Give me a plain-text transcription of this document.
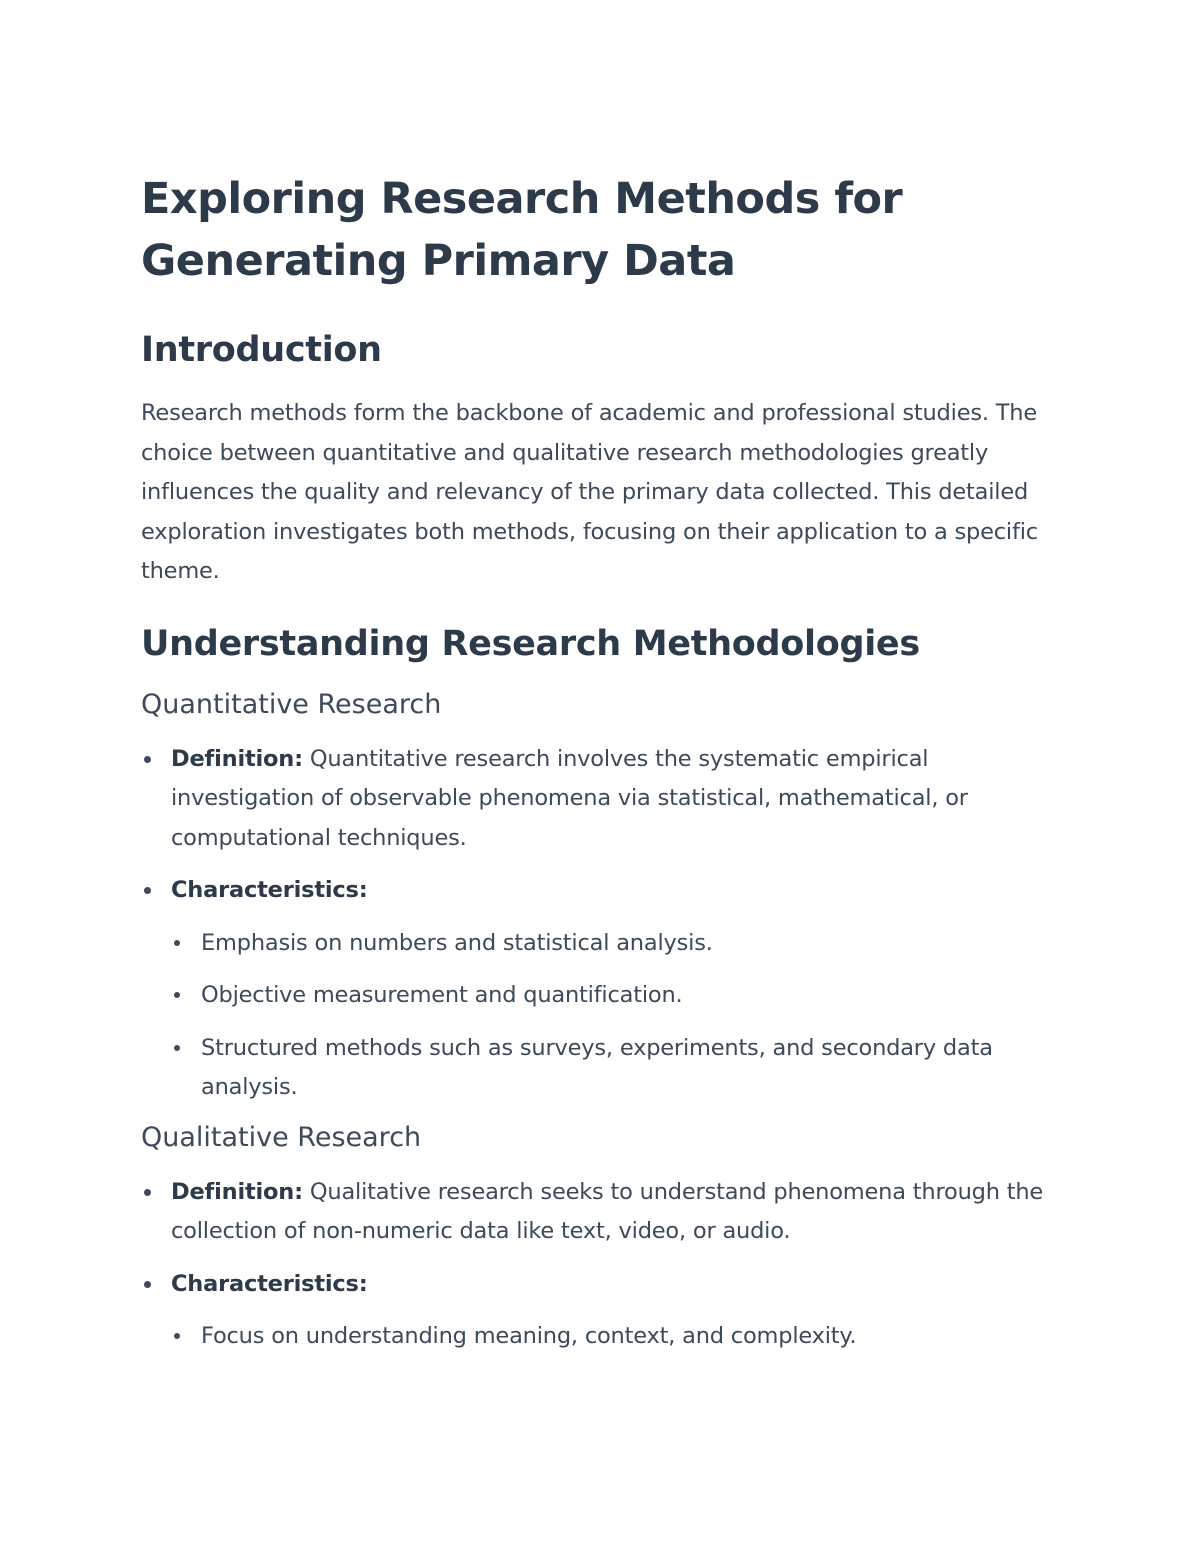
Exploring Research Methods for Generating Primary Data
Introduction

Research methods form the backbone of academic and professional studies. The choice between quantitative and qualitative research methodologies greatly influences the quality and relevancy of the primary data collected. This detailed exploration investigates both methods, focusing on their application to a specific theme.

Understanding Research Methodologies
Quantitative Research
Definition: Quantitative research involves the systematic empirical investigation of observable phenomena via statistical, mathematical, or computational techniques.
Characteristics:
Emphasis on numbers and statistical analysis.
Objective measurement and quantification.
Structured methods such as surveys, experiments, and secondary data analysis.
Qualitative Research
Definition: Qualitative research seeks to understand phenomena through the collection of non-numeric data like text, video, or audio.
Characteristics:
Focus on understanding meaning, context, and complexity.
